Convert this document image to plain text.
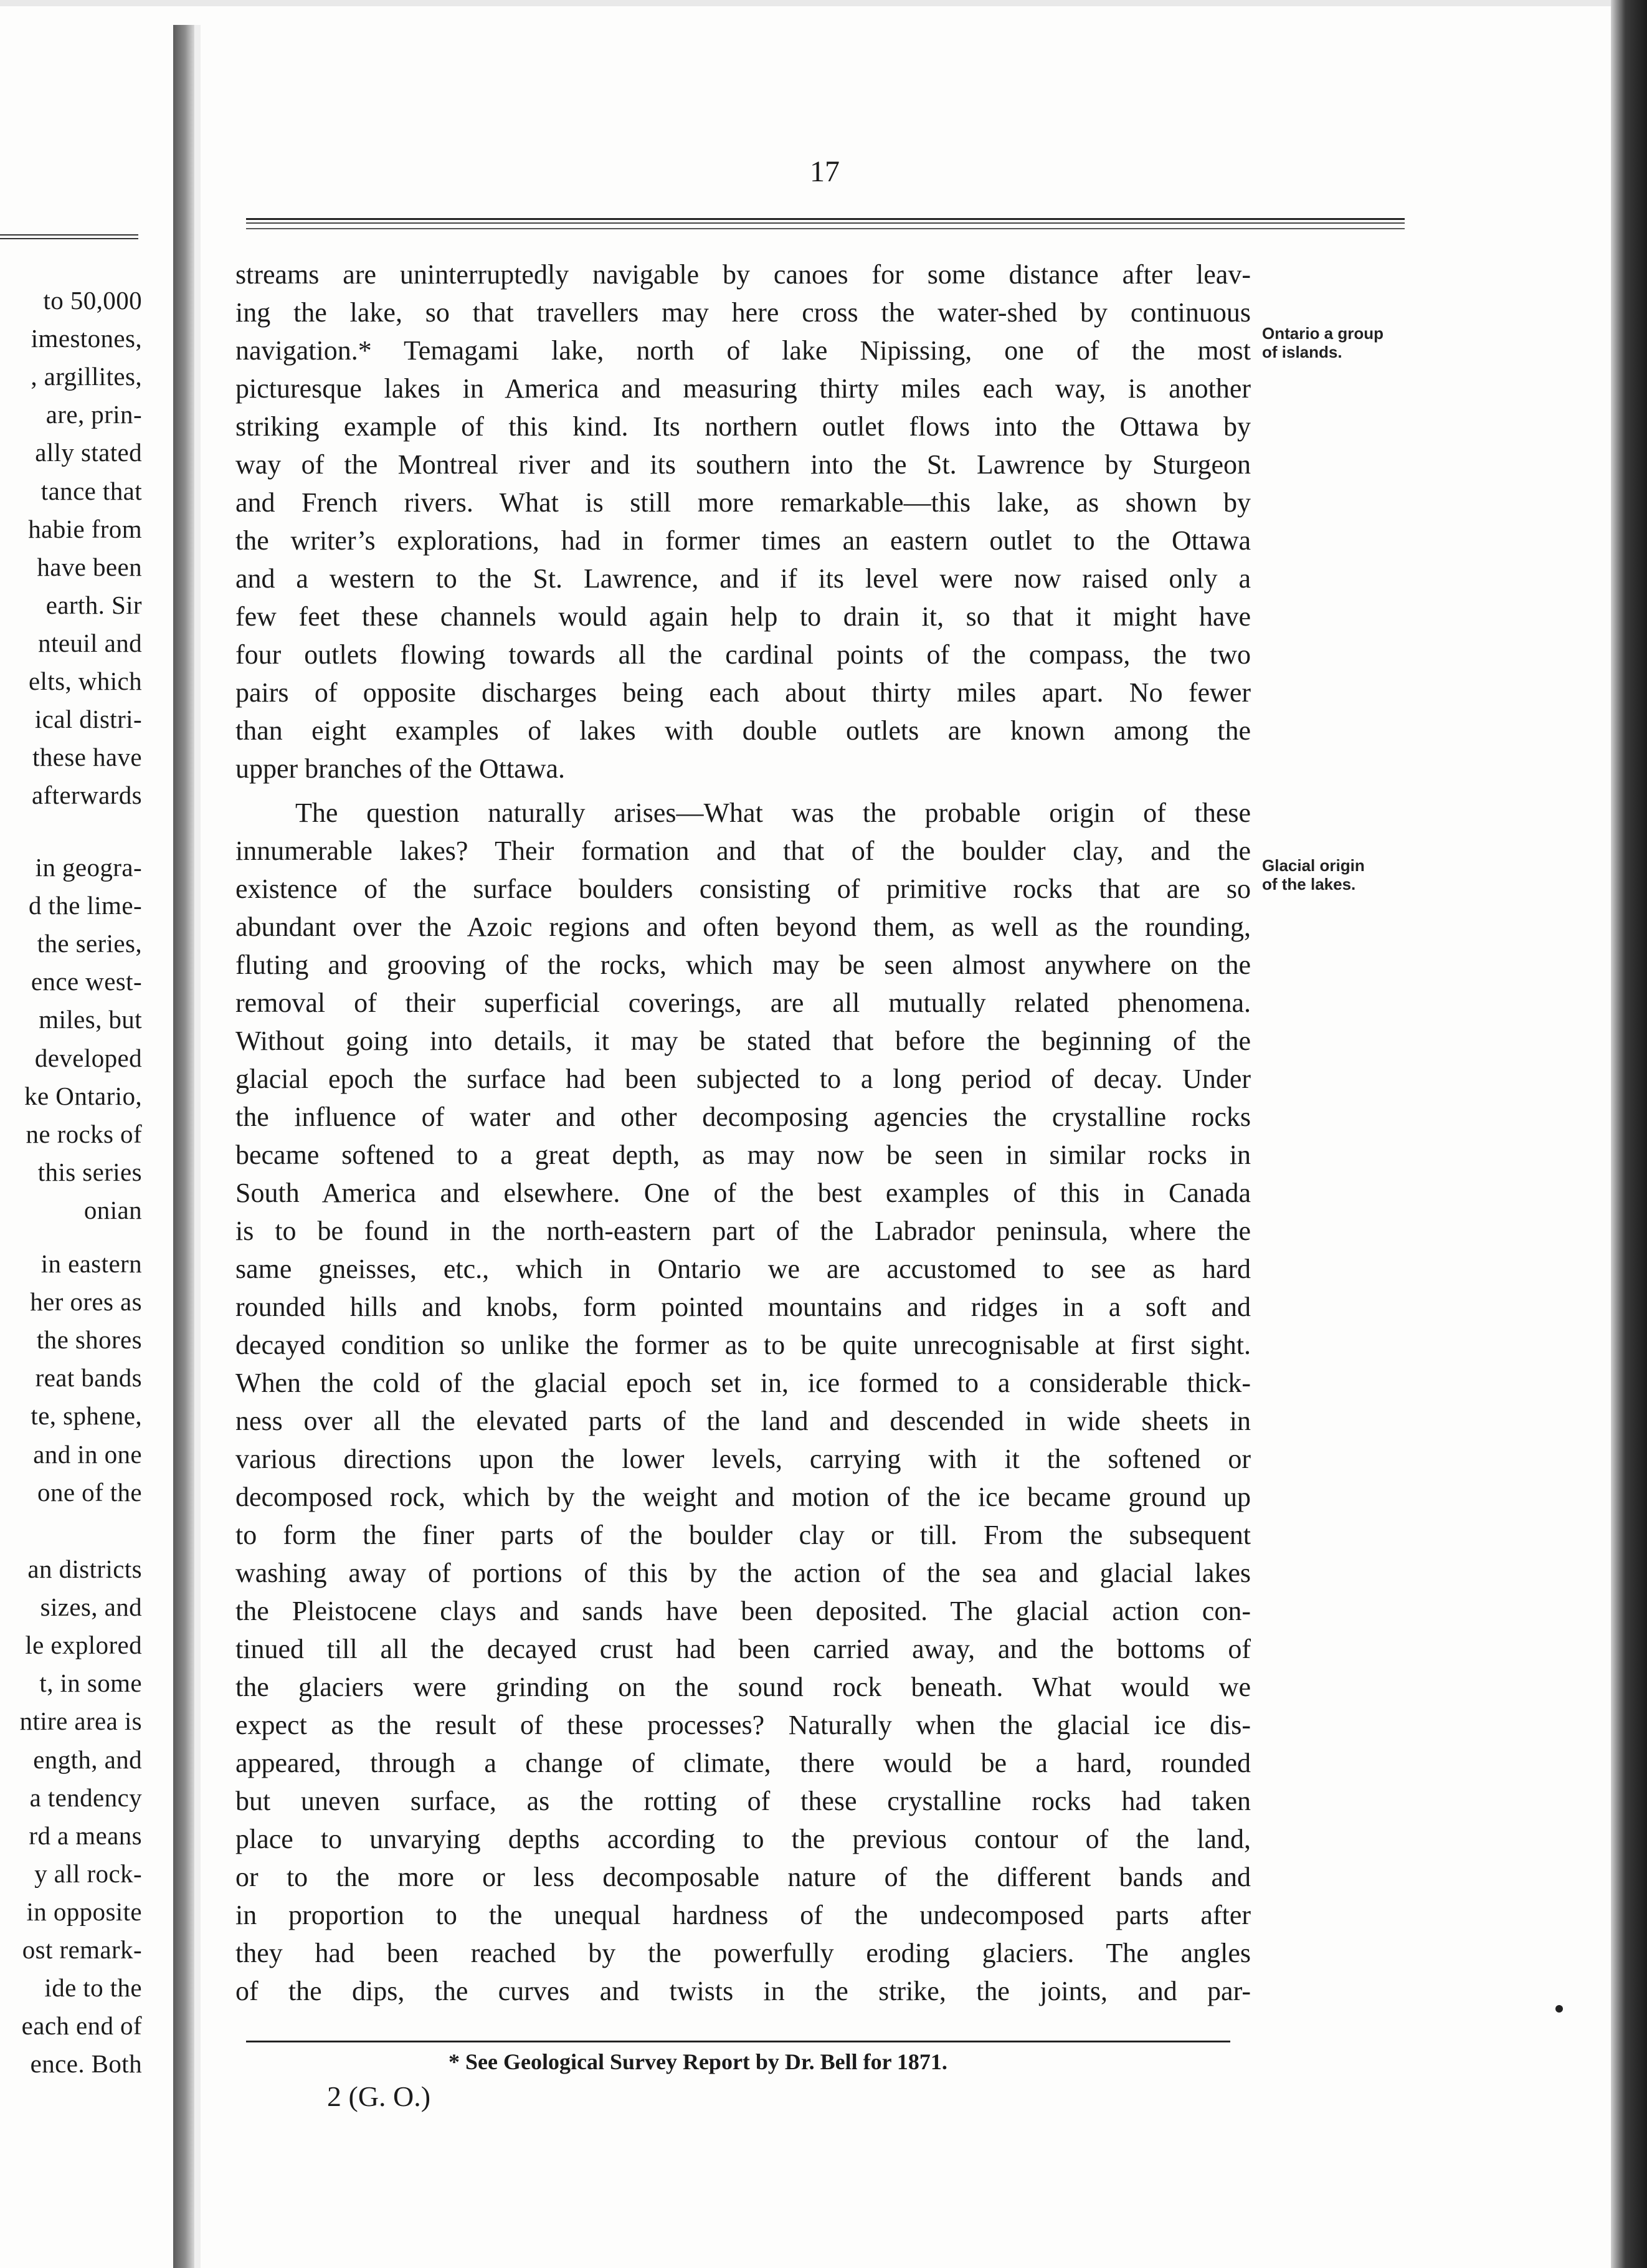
to 50,000
imestones,
, argillites,
are, prin-
ally stated
tance that
habie from
have been
earth. Sir
nteuil and
elts, which
ical distri-
these have
afterwards
in geogra-
d the lime-
the series,
ence west-
miles, but
developed
ke Ontario,
ne rocks of
this series
onian
in eastern
her ores as
the shores
reat bands
te, sphene,
and in one
one of the
an districts
sizes, and
le explored
t, in some
ntire area is
ength, and
a tendency
rd a means
y all rock-
in opposite
ost remark-
ide to the
each end of
ence. Both
17
Ontario a group
of islands.
Glacial origin
of the lakes.
streams are uninterruptedly navigable by canoes for some distance after leav-
ing the lake, so that travellers may here cross the water-shed by continuous
navigation.* Temagami lake, north of lake Nipissing, one of the most
picturesque lakes in America and measuring thirty miles each way, is another
striking example of this kind. Its northern outlet flows into the Ottawa by
way of the Montreal river and its southern into the St. Lawrence by Sturgeon
and French rivers. What is still more remarkable—this lake, as shown by
the writer’s explorations, had in former times an eastern outlet to the Ottawa
and a western to the St. Lawrence, and if its level were now raised only a
few feet these channels would again help to drain it, so that it might have
four outlets flowing towards all the cardinal points of the compass, the two
pairs of opposite discharges being each about thirty miles apart. No fewer
than eight examples of lakes with double outlets are known among the
upper branches of the Ottawa.
The question naturally arises—What was the probable origin of these
innumerable lakes? Their formation and that of the boulder clay, and the
existence of the surface boulders consisting of primitive rocks that are so
abundant over the Azoic regions and often beyond them, as well as the rounding,
fluting and grooving of the rocks, which may be seen almost anywhere on the
removal of their superficial coverings, are all mutually related phenomena.
Without going into details, it may be stated that before the beginning of the
glacial epoch the surface had been subjected to a long period of decay. Under
the influence of water and other decomposing agencies the crystalline rocks
became softened to a great depth, as may now be seen in similar rocks in
South America and elsewhere. One of the best examples of this in Canada
is to be found in the north-eastern part of the Labrador peninsula, where the
same gneisses, etc., which in Ontario we are accustomed to see as hard
rounded hills and knobs, form pointed mountains and ridges in a soft and
decayed condition so unlike the former as to be quite unrecognisable at first sight.
When the cold of the glacial epoch set in, ice formed to a considerable thick-
ness over all the elevated parts of the land and descended in wide sheets in
various directions upon the lower levels, carrying with it the softened or
decomposed rock, which by the weight and motion of the ice became ground up
to form the finer parts of the boulder clay or till. From the subsequent
washing away of portions of this by the action of the sea and glacial lakes
the Pleistocene clays and sands have been deposited. The glacial action con-
tinued till all the decayed crust had been carried away, and the bottoms of
the glaciers were grinding on the sound rock beneath. What would we
expect as the result of these processes? Naturally when the glacial ice dis-
appeared, through a change of climate, there would be a hard, rounded
but uneven surface, as the rotting of these crystalline rocks had taken
place to unvarying depths according to the previous contour of the land,
or to the more or less decomposable nature of the different bands and
in proportion to the unequal hardness of the undecomposed parts after
they had been reached by the powerfully eroding glaciers. The angles
of the dips, the curves and twists in the strike, the joints, and par-
* See Geological Survey Report by Dr. Bell for 1871.
2 (G. O.)
